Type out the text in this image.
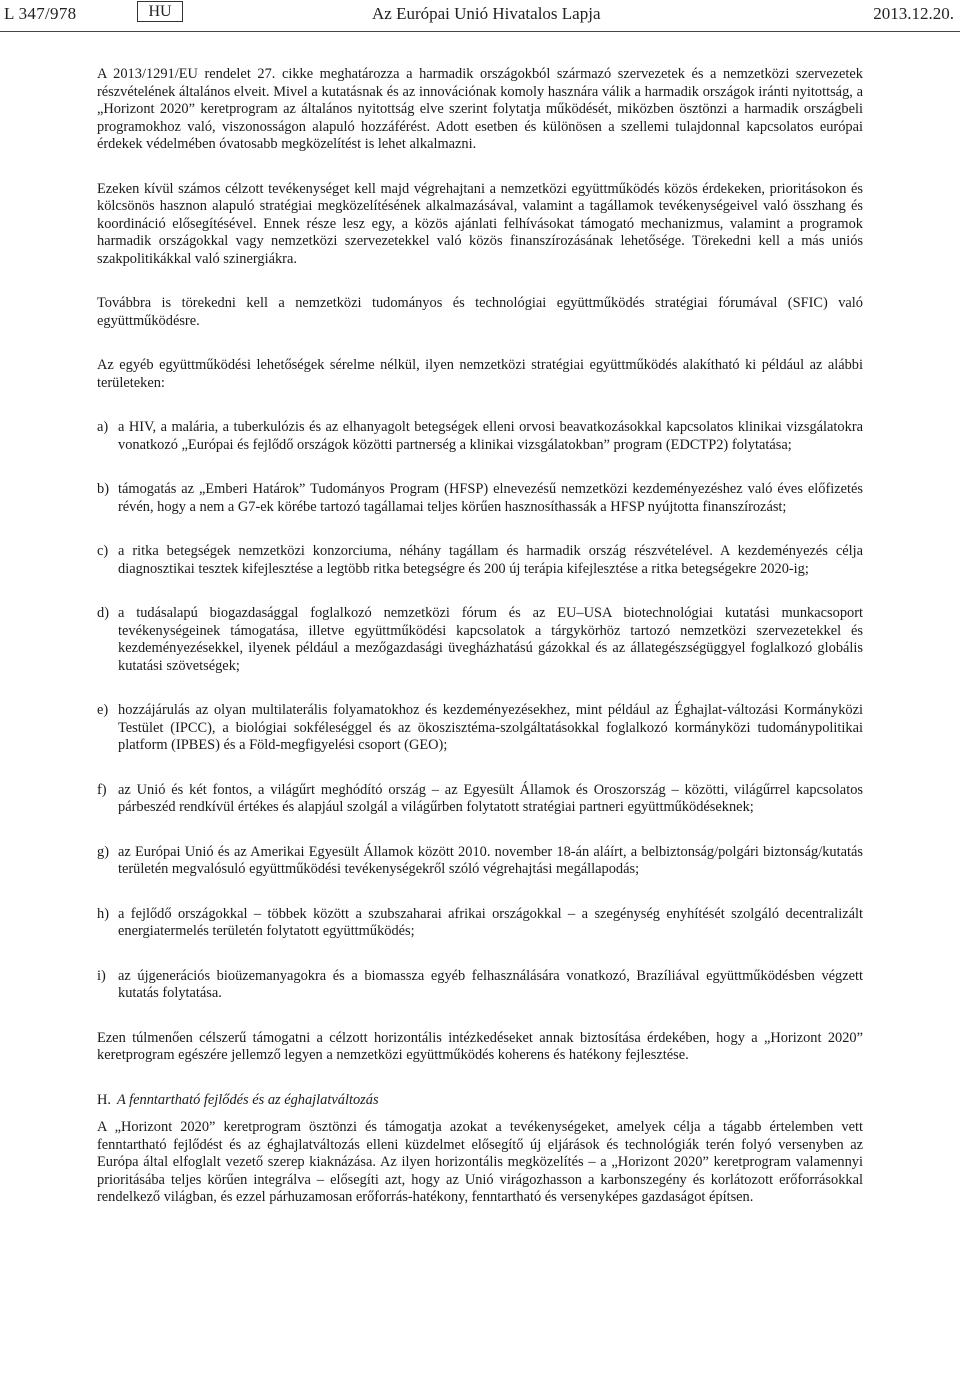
L 347/978	HU	Az Európai Unió Hivatalos Lapja	2013.12.20.

A 2013/1291/EU rendelet 27. cikke meghatározza a harmadik országokból származó szervezetek és a nemzetközi szervezetek részvételének általános elveit. Mivel a kutatásnak és az innovációnak komoly hasznára válik a harmadik országok iránti nyitottság, a „Horizont 2020” keretprogram az általános nyitottság elve szerint folytatja működését, miközben ösztönzi a harmadik országbeli programokhoz való, viszonosságon alapuló hozzáférést. Adott esetben és különösen a szellemi tulajdonnal kapcsolatos európai érdekek védelmében óvatosabb megközelítést is lehet alkalmazni.

Ezeken kívül számos célzott tevékenységet kell majd végrehajtani a nemzetközi együttműködés közös érdekeken, prioritásokon és kölcsönös hasznon alapuló stratégiai megközelítésének alkalmazásával, valamint a tagállamok tevékenységeivel való összhang és koordináció elősegítésével. Ennek része lesz egy, a közös ajánlati felhívásokat támogató mechanizmus, valamint a programok harmadik országokkal vagy nemzetközi szervezetekkel való közös finanszírozásának lehetősége. Törekedni kell a más uniós szakpolitikákkal való szinergiákra.

Továbbra is törekedni kell a nemzetközi tudományos és technológiai együttműködés stratégiai fórumával (SFIC) való együttműködésre.

Az egyéb együttműködési lehetőségek sérelme nélkül, ilyen nemzetközi stratégiai együttműködés alakítható ki például az alábbi területeken:

a) a HIV, a malária, a tuberkulózis és az elhanyagolt betegségek elleni orvosi beavatkozásokkal kapcsolatos klinikai vizsgálatokra vonatkozó „Európai és fejlődő országok közötti partnerség a klinikai vizsgálatokban” program (EDCTP2) folytatása;
b) támogatás az „Emberi Határok” Tudományos Program (HFSP) elnevezésű nemzetközi kezdeményezéshez való éves előfizetés révén, hogy a nem a G7-ek körébe tartozó tagállamai teljes körűen hasznosíthassák a HFSP nyújtotta finanszírozást;
c) a ritka betegségek nemzetközi konzorciuma, néhány tagállam és harmadik ország részvételével. A kezdeményezés célja diagnosztikai tesztek kifejlesztése a legtöbb ritka betegségre és 200 új terápia kifejlesztése a ritka betegségekre 2020-ig;
d) a tudásalapú biogazdasággal foglalkozó nemzetközi fórum és az EU–USA biotechnológiai kutatási munkacsoport tevékenységeinek támogatása, illetve együttműködési kapcsolatok a tárgykörhöz tartozó nemzetközi szervezetekkel és kezdeményezésekkel, ilyenek például a mezőgazdasági üvegházhatású gázokkal és az állategészségüggyel foglalkozó globális kutatási szövetségek;
e) hozzájárulás az olyan multilaterális folyamatokhoz és kezdeményezésekhez, mint például az Éghajlat-változási Kormányközi Testület (IPCC), a biológiai sokféleséggel és az ökoszisztéma-szolgáltatásokkal foglalkozó kormányközi tudománypolitikai platform (IPBES) és a Föld-megfigyelési csoport (GEO);
f) az Unió és két fontos, a világűrt meghódító ország – az Egyesült Államok és Oroszország – közötti, világűrrel kapcsolatos párbeszéd rendkívül értékes és alapjául szolgál a világűrben folytatott stratégiai partneri együttműködéseknek;
g) az Európai Unió és az Amerikai Egyesült Államok között 2010. november 18-án aláírt, a belbiztonság/polgári biztonság/kutatás területén megvalósuló együttműködési tevékenységekről szóló végrehajtási megállapodás;
h) a fejlődő országokkal – többek között a szubszaharai afrikai országokkal – a szegénység enyhítését szolgáló decentralizált energiatermelés területén folytatott együttműködés;
i) az újgenerációs bioüzemanyagokra és a biomassza egyéb felhasználására vonatkozó, Brazíliával együttműködésben végzett kutatás folytatása.

Ezen túlmenően célszerű támogatni a célzott horizontális intézkedéseket annak biztosítása érdekében, hogy a „Horizont 2020” keretprogram egészére jellemző legyen a nemzetközi együttműködés koherens és hatékony fejlesztése.

H. A fenntartható fejlődés és az éghajlatváltozás

A „Horizont 2020” keretprogram ösztönzi és támogatja azokat a tevékenységeket, amelyek célja a tágabb értelemben vett fenntartható fejlődést és az éghajlatváltozás elleni küzdelmet elősegítő új eljárások és technológiák terén folyó versenyben az Európa által elfoglalt vezető szerep kiaknázása. Az ilyen horizontális megközelítés – a „Horizont 2020” keretprogram valamennyi prioritásába teljes körűen integrálva – elősegíti azt, hogy az Unió virágozhasson a karbonszegény és korlátozott erőforrásokkal rendelkező világban, és ezzel párhuzamosan erőforrás-hatékony, fenntartható és versenyképes gazdaságot építsen.
